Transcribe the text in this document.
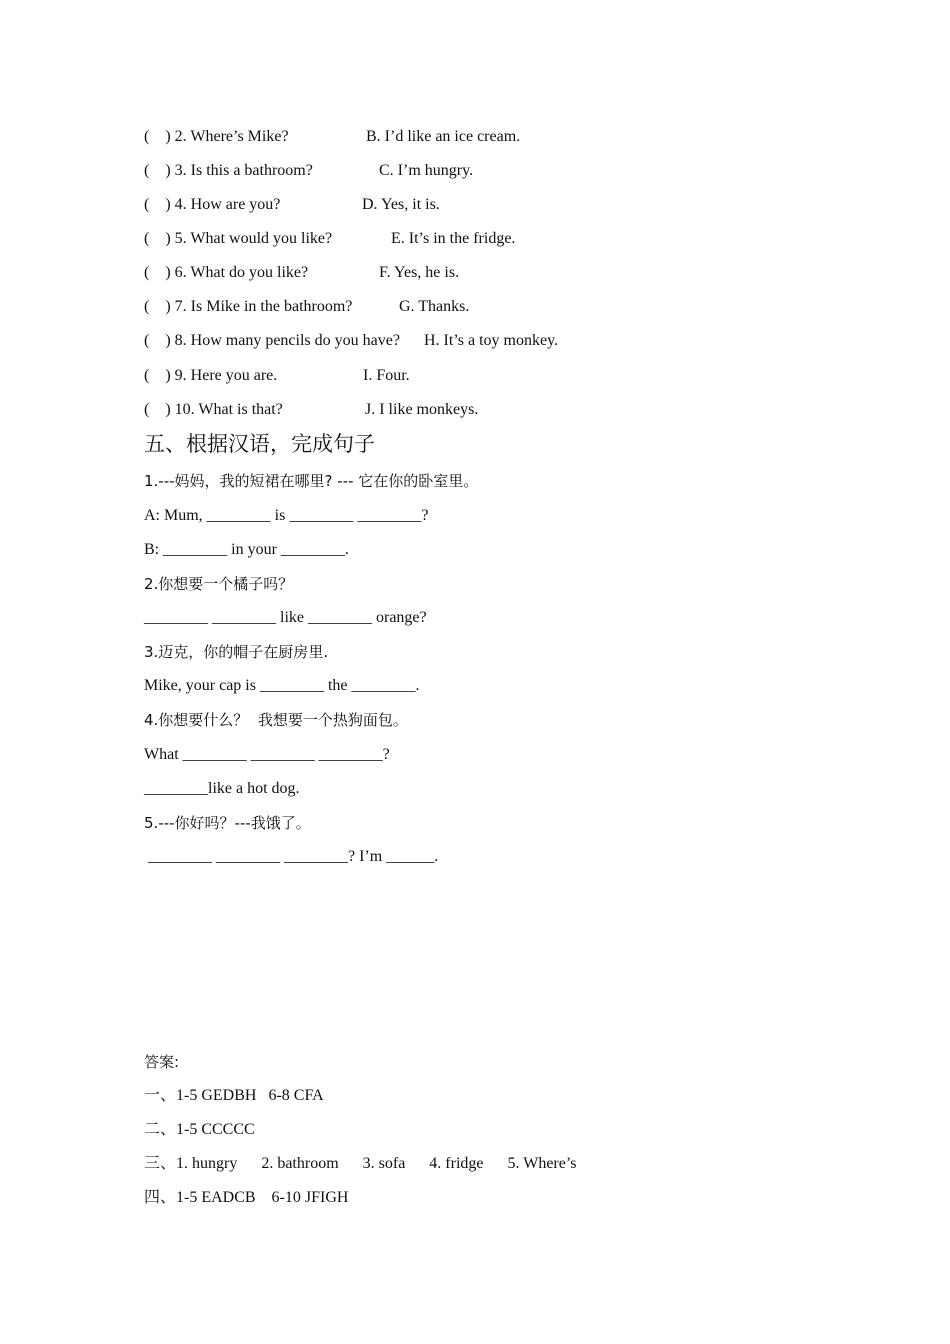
(    ) 2. Where’s Mike?	B. I’d like an ice cream.
(    ) 3. Is this a bathroom?	C. I’m hungry.
(    ) 4. How are you?	D. Yes, it is.
(    ) 5. What would you like?	E. It’s in the fridge.
(    ) 6. What do you like?	F. Yes, he is.
(    ) 7. Is Mike in the bathroom?	G. Thanks.
(    ) 8. How many pencils do you have? H. It’s a toy monkey.
(    ) 9. Here you are.	I. Four.
(    ) 10. What is that?	J. I like monkeys.
五、根据汉语，完成句子
1.---妈妈，我的短裙在哪里? --- 它在你的卧室里。
A: Mum, ________ is ________ ________?
B: ________ in your ________.
2.你想要一个橘子吗？
________ ________ like ________ orange?
3.迈克，你的帽子在厨房里.
Mike, your cap is ________ the ________.
4.你想要什么？  我想要一个热狗面包。
What ________ ________ ________?
________like a hot dog.
5.---你好吗？---我饿了。
________ ________ ________? I’m ______.
答案:
一、1-5 GEDBH   6-8 CFA
二、1-5 CCCCC
三、1. hungry      2. bathroom      3. sofa      4. fridge      5. Where’s
四、1-5 EADCB    6-10 JFIGH
